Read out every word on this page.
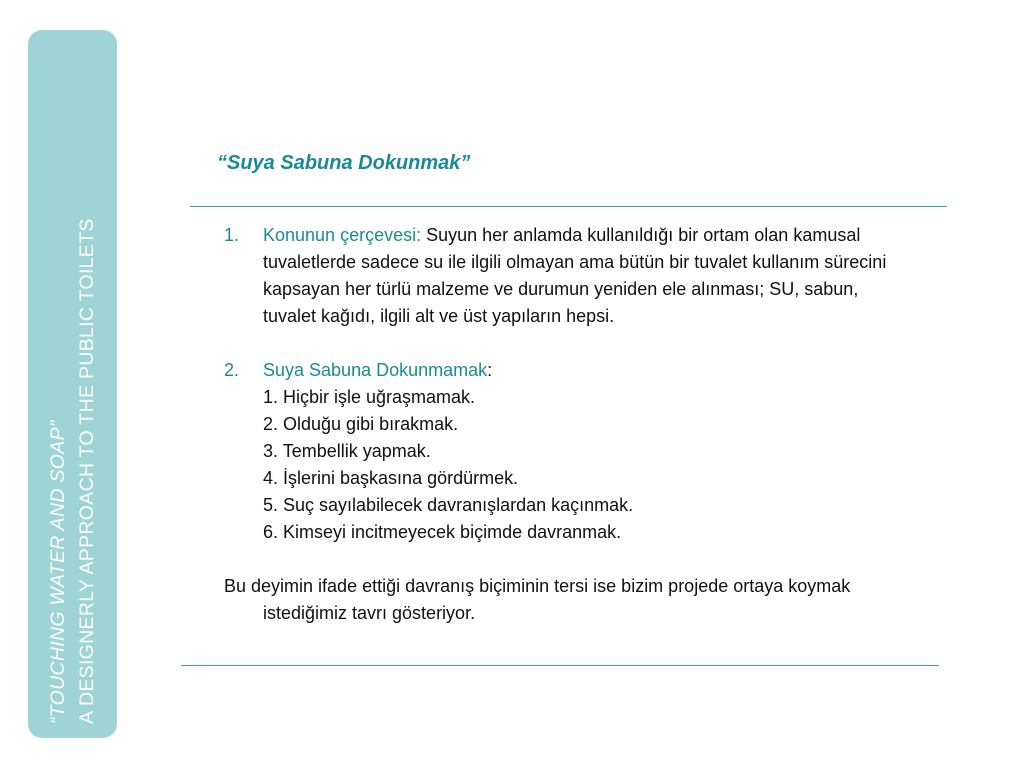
“TOUCHING WATER AND SOAP” A DESIGNERLY APPROACH TO THE PUBLIC TOILETS
“Suya Sabuna Dokunmak”
1. Konunun çerçevesi: Suyun her anlamda kullanıldığı bir ortam olan kamusal tuvaletlerde sadece su ile ilgili olmayan ama bütün bir tuvalet kullanım sürecini kapsayan her türlü malzeme ve durumun yeniden ele alınması; SU, sabun, tuvalet kağıdı, ilgili alt ve üst yapıların hepsi.
2. Suya Sabuna Dokunmamak:
1. Hiçbir işle uğraşmamak.
2. Olduğu gibi bırakmak.
3. Tembellik yapmak.
4. İşlerini başkasına gördürmek.
5. Suç sayılabilecek davranışlardan kaçınmak.
6. Kimseyi incitmeyecek biçimde davranmak.
Bu deyimin ifade ettiği davranış biçiminin tersi ise bizim projede ortaya koymak istediğimiz tavrı gösteriyor.
